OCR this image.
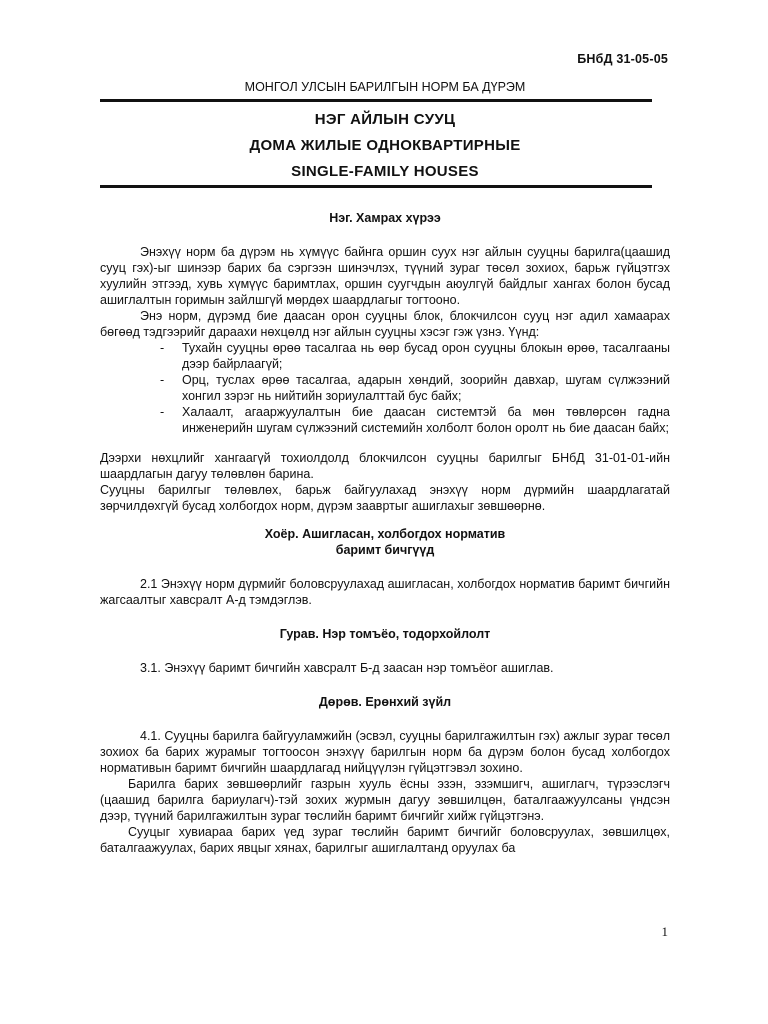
БНбД 31-05-05
МОНГОЛ УЛСЫН БАРИЛГЫН НОРМ БА ДҮРЭМ
НЭГ АЙЛЫН СУУЦ
ДОМА ЖИЛЫЕ ОДНОКВАРТИРНЫЕ
SINGLE-FAMILY HOUSES

Нэг. Хамрах хүрээ

Энэхүү норм ба дүрэм нь хүмүүс байнга оршин суух нэг айлын сууцны барилга(цаашид сууц гэх)-ыг шинээр барих ба сэргээн шинэчлэх, түүний зураг төсөл зохиох, барьж гүйцэтгэх хуулийн этгээд, хувь хүмүүс баримтлах, оршин суугчдын аюулгүй байдлыг хангах болон бусад ашиглалтын горимын зайлшгүй мөрдөх шаардлагыг тогтооно.

Энэ норм, дүрэмд бие даасан орон сууцны блок, блокчилсон сууц нэг адил хамаарах бөгөөд тэдгээрийг дараахи нөхцөлд нэг айлын сууцны хэсэг гэж үзнэ. Үүнд:

- Тухайн сууцны өрөө тасалгаа нь өөр бусад орон сууцны блокын өрөө, тасалгааны дээр байрлаагүй;
- Орц, туслах өрөө тасалгаа, адарын хөндий, зоорийн давхар, шугам сүлжээний хонгил зэрэг нь нийтийн зориулалттай бус байх;
- Халаалт, агааржуулалтын бие даасан системтэй ба мөн төвлөрсөн гадна инженерийн шугам сүлжээний системийн холболт болон оролт нь бие даасан байх;

Дээрхи нөхцлийг хангаагүй тохиолдолд блокчилсон сууцны барилгыг БНбД 31-01-01-ийн шаардлагын дагуу төлөвлөн барина.

Сууцны барилгыг төлөвлөх, барьж байгуулахад энэхүү норм дүрмийн шаардлагатай зөрчилдөхгүй бусад холбогдох норм, дүрэм заавртыг ашиглахыг зөвшөөрнө.

Хоёр. Ашигласан, холбогдох норматив

баримт бичгүүд

2.1 Энэхүү норм дүрмийг боловсруулахад ашигласан, холбогдох норматив баримт бичгийн жагсаалтыг хавсралт А-д тэмдэглэв.

Гурав. Нэр томъёо, тодорхойлолт

3.1. Энэхүү баримт бичгийн хавсралт Б-д заасан нэр томъёог ашиглав.

Дөрөв. Ерөнхий зүйл

4.1. Сууцны барилга байгууламжийн (эсвэл, сууцны барилгажилтын гэх) ажлыг зураг төсөл зохиох ба барих журамыг тогтоосон энэхүү барилгын норм ба дүрэм болон бусад холбогдох нормативын баримт бичгийн шаардлагад нийцүүлэн гүйцэтгэвэл зохино.

Барилга барих зөвшөөрлийг газрын хууль ёсны эзэн, эзэмшигч, ашиглагч, түрээслэгч (цаашид барилга бариулагч)-тэй зохих журмын дагуу зөвшилцөн, баталгаажуулсаны үндсэн дээр, түүний барилгажилтын зураг төслийн баримт бичгийг хийж гүйцэтгэнэ.

Сууцыг хувиараа барих үед зураг төслийн баримт бичгийг боловсруулах, зөвшилцөх, баталгаажуулах, барих явцыг хянах, барилгыг ашиглалтанд оруулах ба

1
